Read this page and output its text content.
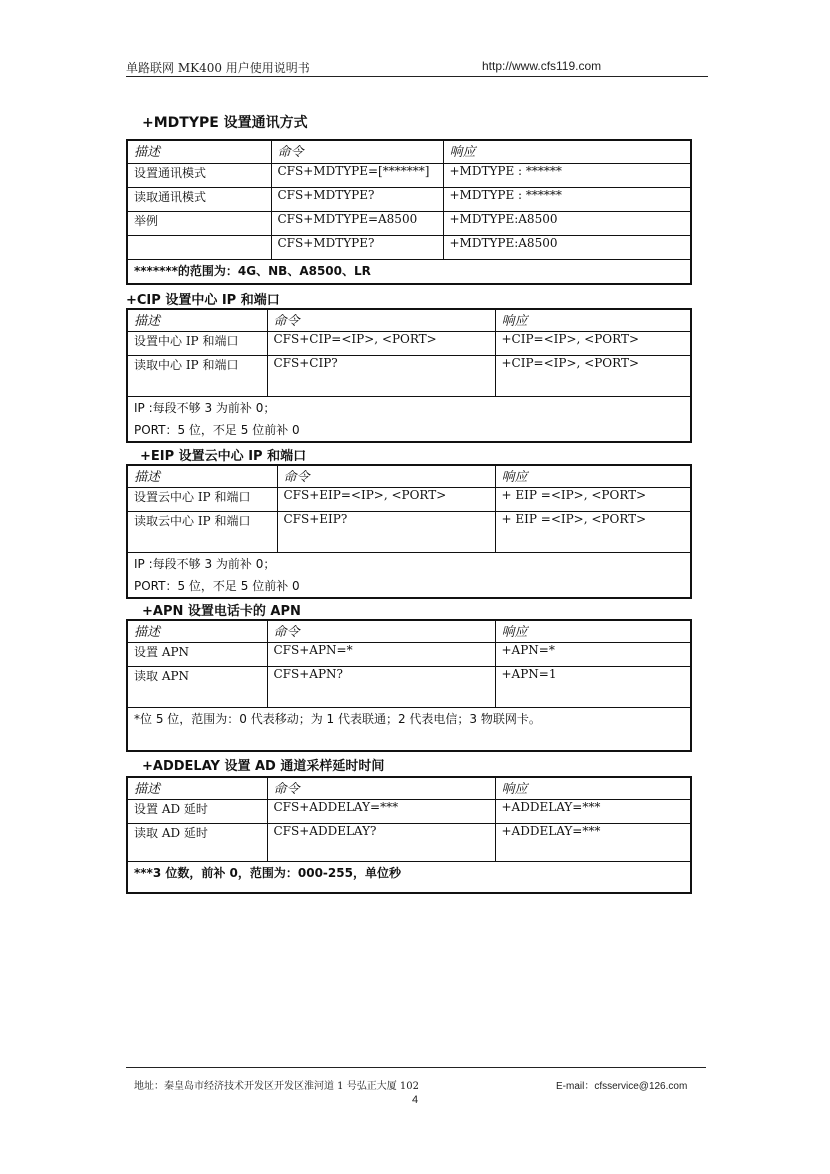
单路联网 MK400 用户使用说明书	http://www.cfs119.com
+MDTYPE 设置通讯方式
描述	命令	响应
设置通讯模式	CFS+MDTYPE=[*******]	+MDTYPE : ******
读取通讯模式	CFS+MDTYPE?	+MDTYPE : ******
举例	CFS+MDTYPE=A8500	+MDTYPE:A8500
	CFS+MDTYPE?	+MDTYPE:A8500

*******的范围为：4G、NB、A8500、LR		
+CIP 设置中心 IP 和端口
描述	命令	响应
设置中心 IP 和端口	CFS+CIP=<IP>, <PORT>	+CIP=<IP>, <PORT>
读取中心 IP 和端口	CFS+CIP?	+CIP=<IP>, <PORT>

IP :每段不够 3 为前补 0；
PORT：5 位，不足 5 位前补 0		
+EIP 设置云中心 IP 和端口
描述	命令	响应
设置云中心 IP 和端口	CFS+EIP=<IP>, <PORT>	+ EIP =<IP>, <PORT>
读取云中心 IP 和端口	CFS+EIP?	+ EIP =<IP>, <PORT>

IP :每段不够 3 为前补 0；
PORT：5 位，不足 5 位前补 0		
+APN 设置电话卡的 APN
描述	命令	响应
设置 APN	CFS+APN=*	+APN=*
读取 APN	CFS+APN?	+APN=1

*位 5 位，范围为：0 代表移动；为 1 代表联通；2 代表电信；3 物联网卡。		
+ADDELAY 设置 AD 通道采样延时时间
描述	命令	响应
设置 AD 延时	CFS+ADDELAY=***	+ADDELAY=***
读取 AD 延时	CFS+ADDELAY?	+ADDELAY=***

***3 位数，前补 0，范围为：000-255，单位秒		
地址：秦皇岛市经济技术开发区开发区淮河道 1 号弘正大厦 102	E-mail：cfsservice@126.com
4
